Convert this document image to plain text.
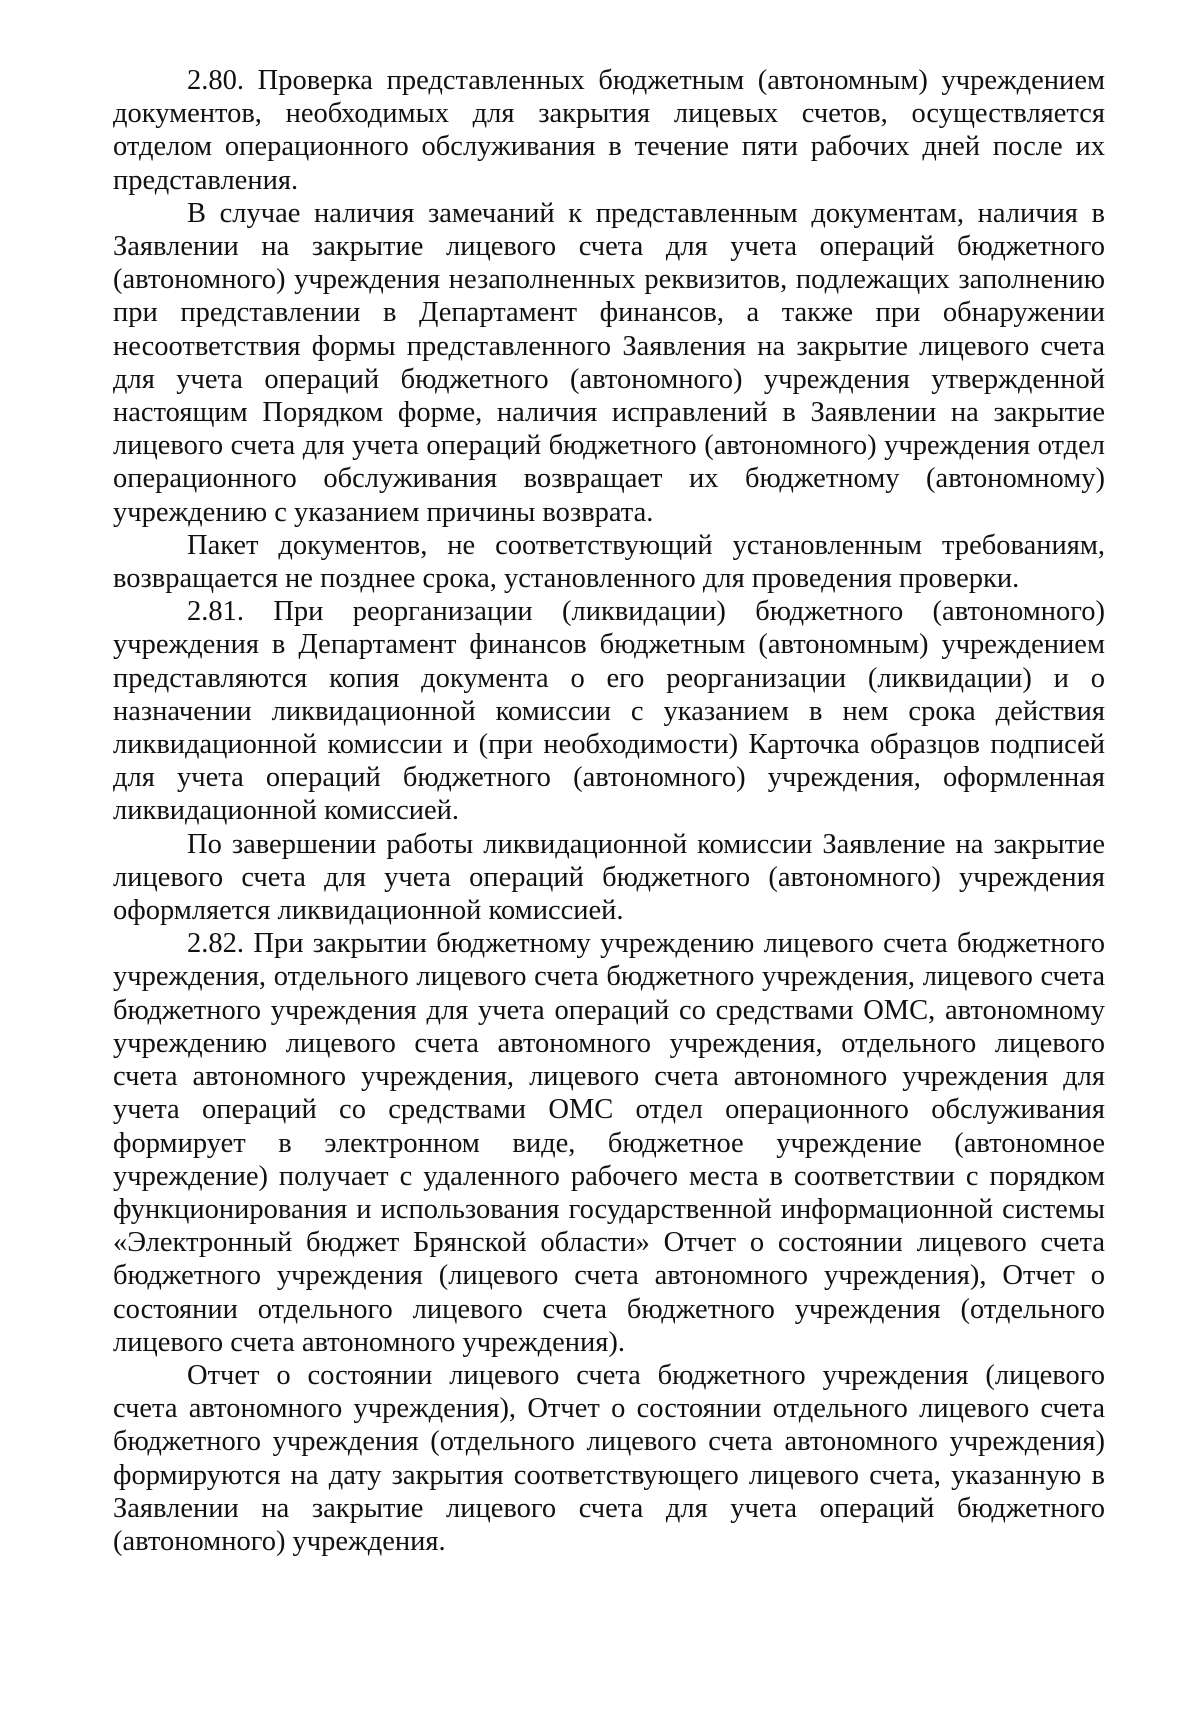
2.80. Проверка представленных бюджетным (автономным) учреждением документов, необходимых для закрытия лицевых счетов, осуществляется отделом операционного обслуживания в течение пяти рабочих дней после их представления.

В случае наличия замечаний к представленным документам, наличия в Заявлении на закрытие лицевого счета для учета операций бюджетного (автономного) учреждения незаполненных реквизитов, подлежащих заполнению при представлении в Департамент финансов, а также при обнаружении несоответствия формы представленного Заявления на закрытие лицевого счета для учета операций бюджетного (автономного) учреждения утвержденной настоящим Порядком форме, наличия исправлений в Заявлении на закрытие лицевого счета для учета операций бюджетного (автономного) учреждения отдел операционного обслуживания возвращает их бюджетному (автономному) учреждению с указанием причины возврата.

Пакет документов, не соответствующий установленным требованиям, возвращается не позднее срока, установленного для проведения проверки.

2.81. При реорганизации (ликвидации) бюджетного (автономного) учреждения в Департамент финансов бюджетным (автономным) учреждением представляются копия документа о его реорганизации (ликвидации) и о назначении ликвидационной комиссии с указанием в нем срока действия ликвидационной комиссии и (при необходимости) Карточка образцов подписей для учета операций бюджетного (автономного) учреждения, оформленная ликвидационной комиссией.

По завершении работы ликвидационной комиссии Заявление на закрытие лицевого счета для учета операций бюджетного (автономного) учреждения оформляется ликвидационной комиссией.

2.82. При закрытии бюджетному учреждению лицевого счета бюджетного учреждения, отдельного лицевого счета бюджетного учреждения, лицевого счета бюджетного учреждения для учета операций со средствами ОМС, автономному учреждению лицевого счета автономного учреждения, отдельного лицевого счета автономного учреждения, лицевого счета автономного учреждения для учета операций со средствами ОМС отдел операционного обслуживания формирует в электронном виде, бюджетное учреждение (автономное учреждение) получает с удаленного рабочего места в соответствии с порядком функционирования и использования государственной информационной системы «Электронный бюджет Брянской области» Отчет о состоянии лицевого счета бюджетного учреждения (лицевого счета автономного учреждения), Отчет о состоянии отдельного лицевого счета бюджетного учреждения (отдельного лицевого счета автономного учреждения).

Отчет о состоянии лицевого счета бюджетного учреждения (лицевого счета автономного учреждения), Отчет о состоянии отдельного лицевого счета бюджетного учреждения (отдельного лицевого счета автономного учреждения) формируются на дату закрытия соответствующего лицевого счета, указанную в Заявлении на закрытие лицевого счета для учета операций бюджетного (автономного) учреждения.
